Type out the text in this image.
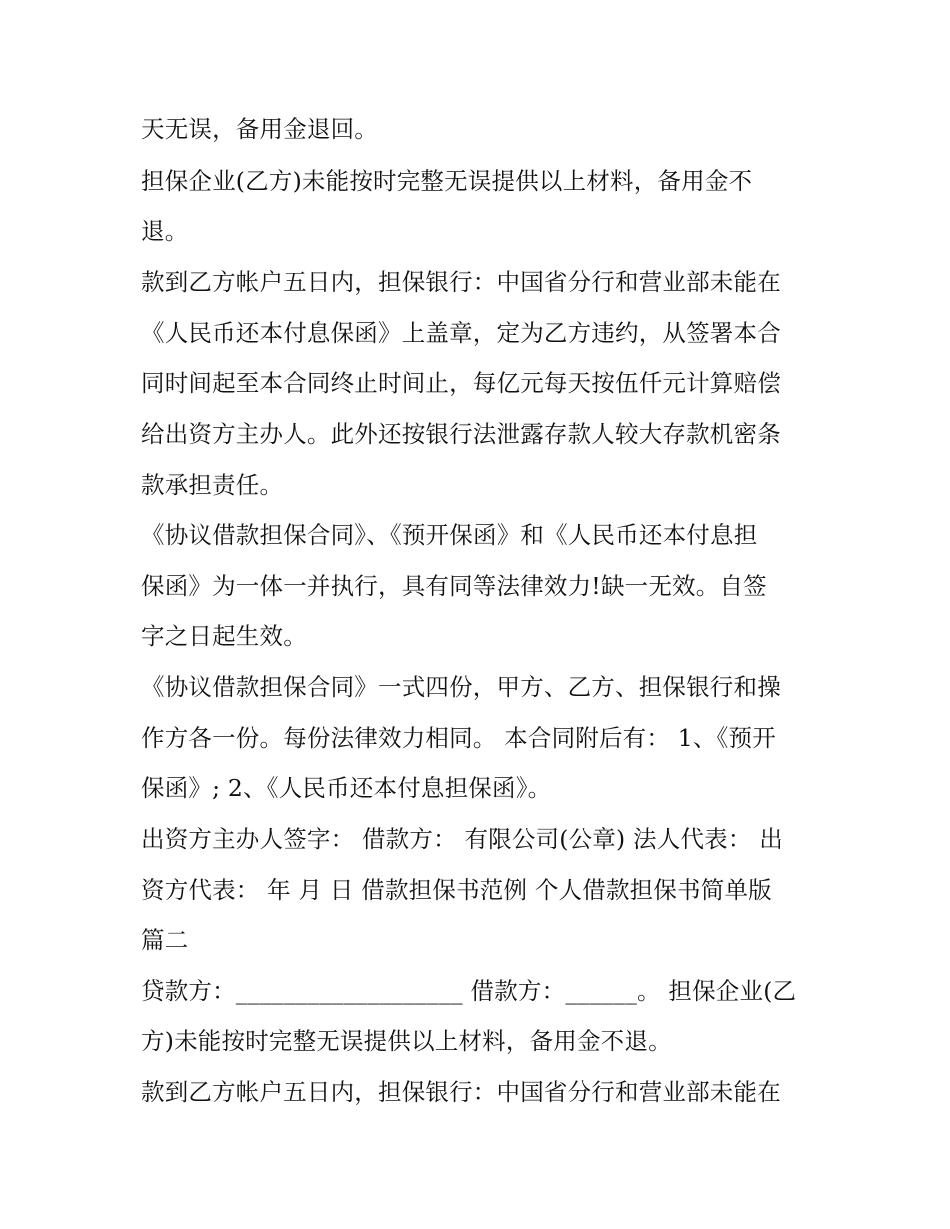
天无误，备用金退回。
担保企业(乙方)未能按时完整无误提供以上材料，备用金不
退。
款到乙方帐户五日内，担保银行：中国省分行和营业部未能在
《人民币还本付息保函》上盖章，定为乙方违约，从签署本合
同时间起至本合同终止时间止，每亿元每天按伍仟元计算赔偿
给出资方主办人。此外还按银行法泄露存款人较大存款机密条
款承担责任。
《协议借款担保合同》、《预开保函》和《人民币还本付息担
保函》为一体一并执行，具有同等法律效力!缺一无效。自签
字之日起生效。
《协议借款担保合同》一式四份，甲方、乙方、担保银行和操
作方各一份。每份法律效力相同。 本合同附后有： 1、《预开
保函》; 2、《人民币还本付息担保函》。
出资方主办人签字： 借款方： 有限公司(公章) 法人代表： 出
资方代表： 年 月 日 借款担保书范例 个人借款担保书简单版
篇二
贷款方：___________________ 借款方：______。 担保企业(乙
方)未能按时完整无误提供以上材料，备用金不退。
款到乙方帐户五日内，担保银行：中国省分行和营业部未能在
